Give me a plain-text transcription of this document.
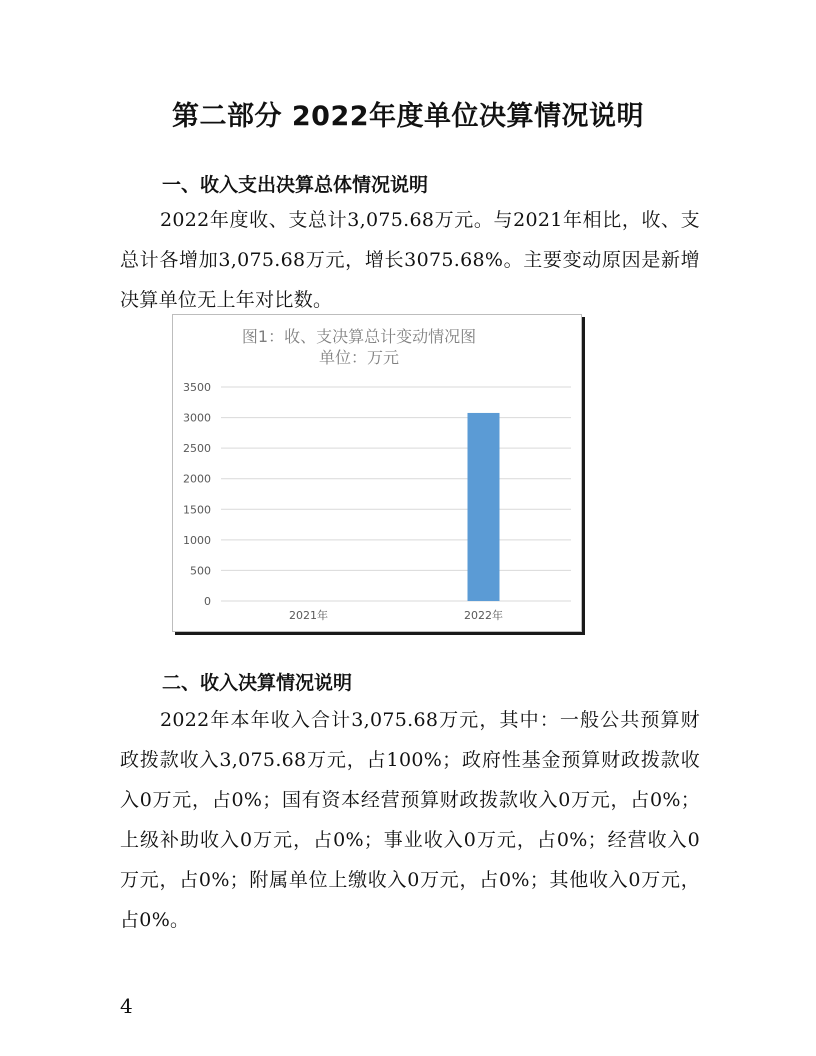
第二部分 2022年度单位决算情况说明
一、收入支出决算总体情况说明
2022年度收、支总计3,075.68万元。与2021年相比，收、支总计各增加3,075.68万元，增长3075.68%。主要变动原因是新增决算单位无上年对比数。
图1：收、支决算总计变动情况图
单位：万元
0
500
1000
1500
2000
2500
3000
3500
2021年	2022年
二、收入决算情况说明
2022年本年收入合计3,075.68万元，其中：一般公共预算财政拨款收入3,075.68万元，占100%；政府性基金预算财政拨款收入0万元，占0%；国有资本经营预算财政拨款收入0万元，占0%；上级补助收入0万元，占0%；事业收入0万元，占0%；经营收入0万元，占0%；附属单位上缴收入0万元，占0%；其他收入0万元，占0%。
4
